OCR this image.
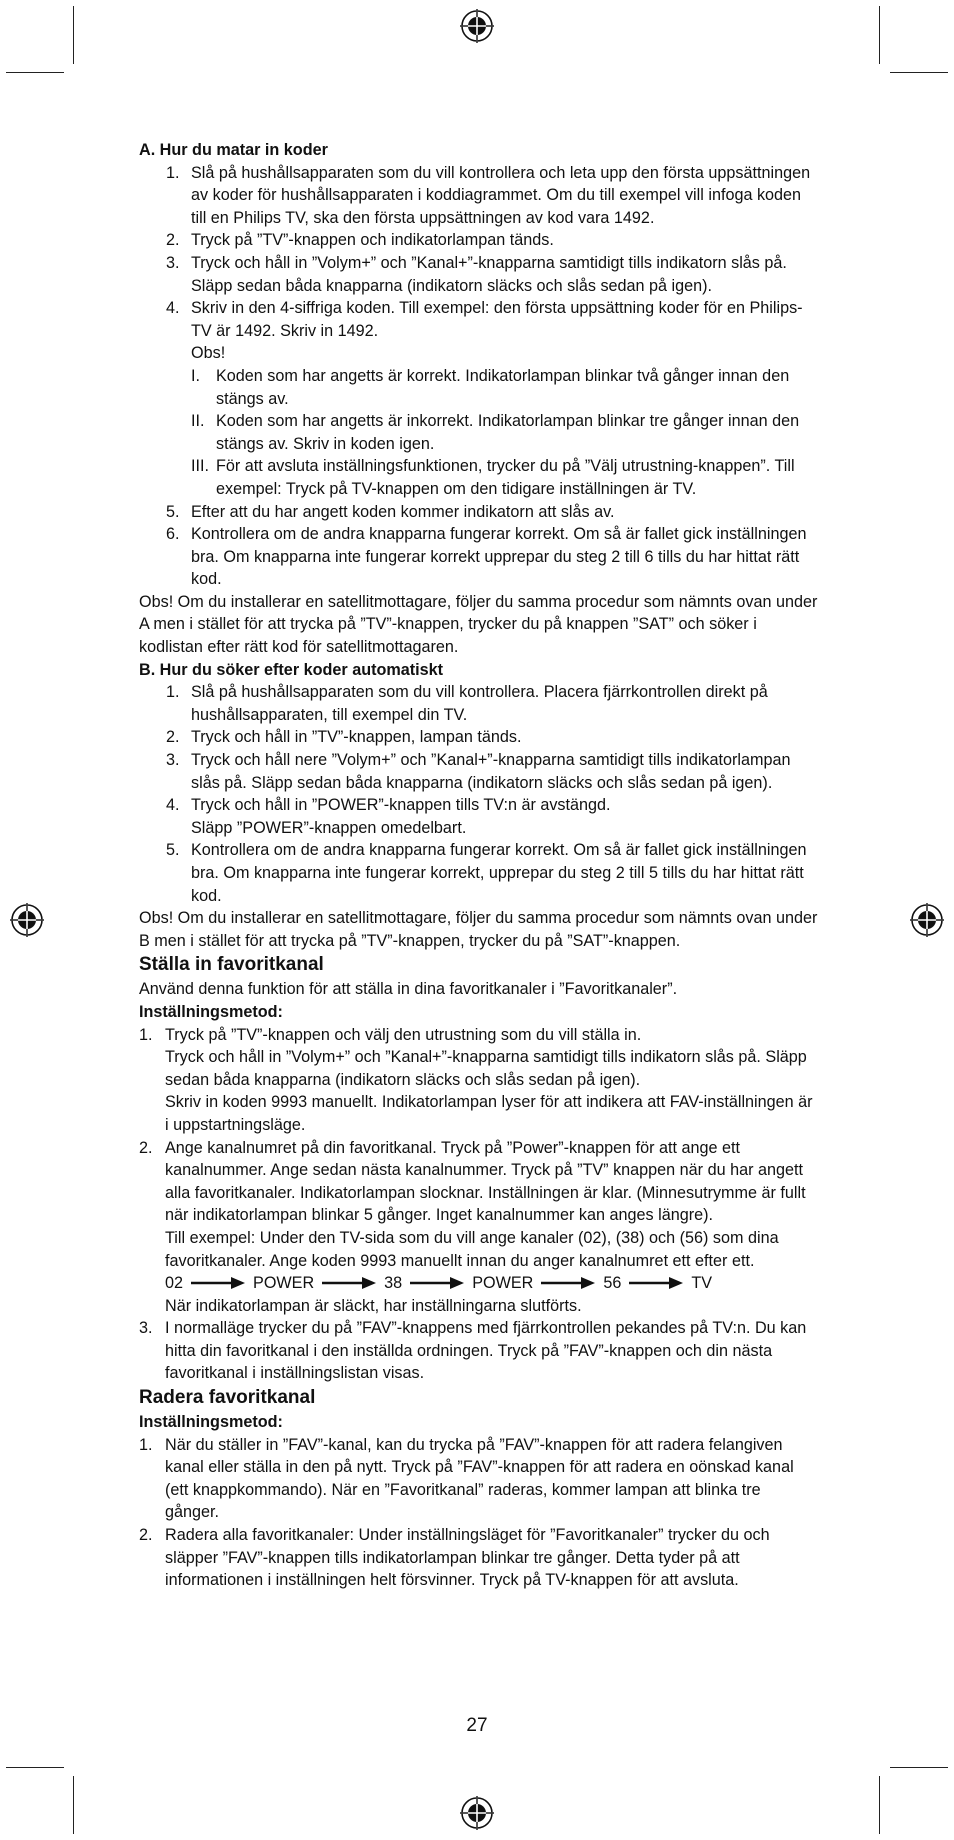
A. Hur du matar in koder

1. Slå på hushållsapparaten som du vill kontrollera och leta upp den första uppsättningen av koder för hushållsapparaten i koddiagrammet. Om du till exempel vill infoga koden till en Philips TV, ska den första uppsättningen av kod vara 1492.
2. Tryck på ”TV”-knappen och indikatorlampan tänds.
3. Tryck och håll in ”Volym+” och ”Kanal+”-knapparna samtidigt tills indikatorn slås på. Släpp sedan båda knapparna (indikatorn släcks och slås sedan på igen).
4. Skriv in den 4-siffriga koden. Till exempel: den första uppsättning koder för en Philips-TV är 1492. Skriv in 1492.

Obs!

I. Koden som har angetts är korrekt. Indikatorlampan blinkar två gånger innan den stängs av.
II. Koden som har angetts är inkorrekt. Indikatorlampan blinkar tre gånger innan den stängs av. Skriv in koden igen.
III. För att avsluta inställningsfunktionen, trycker du på ”Välj utrustning-knappen”. Till exempel: Tryck på TV-knappen om den tidigare inställningen är TV.
5. Efter att du har angett koden kommer indikatorn att slås av.
6. Kontrollera om de andra knapparna fungerar korrekt. Om så är fallet gick inställningen bra. Om knapparna inte fungerar korrekt upprepar du steg 2 till 6 tills du har hittat rätt kod.

Obs! Om du installerar en satellitmottagare, följer du samma procedur som nämnts ovan under A men i stället för att trycka på ”TV”-knappen, trycker du på knappen ”SAT” och söker i kodlistan efter rätt kod för satellitmottagaren.

B. Hur du söker efter koder automatiskt

1. Slå på hushållsapparaten som du vill kontrollera. Placera fjärrkontrollen direkt på hushållsapparaten, till exempel din TV.
2. Tryck och håll in ”TV”-knappen, lampan tänds.
3. Tryck och håll nere ”Volym+” och ”Kanal+”-knapparna samtidigt tills indikatorlampan slås på. Släpp sedan båda knapparna (indikatorn släcks och slås sedan på igen).
4. Tryck och håll in ”POWER”-knappen tills TV:n är avstängd.

Släpp ”POWER”-knappen omedelbart.

5. Kontrollera om de andra knapparna fungerar korrekt. Om så är fallet gick inställningen bra. Om knapparna inte fungerar korrekt, upprepar du steg 2 till 5 tills du har hittat rätt kod.

Obs! Om du installerar en satellitmottagare, följer du samma procedur som nämnts ovan under B men i stället för att trycka på ”TV”-knappen, trycker du på ”SAT”-knappen.

Ställa in favoritkanal

Använd denna funktion för att ställa in dina favoritkanaler i ”Favoritkanaler”.

Inställningsmetod:

1. Tryck på ”TV”-knappen och välj den utrustning som du vill ställa in.

Tryck och håll in ”Volym+” och ”Kanal+”-knapparna samtidigt tills indikatorn slås på. Släpp sedan båda knapparna (indikatorn släcks och slås sedan på igen).

Skriv in koden 9993 manuellt. Indikatorlampan lyser för att indikera att FAV-inställningen är i uppstartningsläge.

2. Ange kanalnumret på din favoritkanal. Tryck på ”Power”-knappen för att ange ett kanalnummer. Ange sedan nästa kanalnummer. Tryck på ”TV” knappen när du har angett alla favoritkanaler. Indikatorlampan slocknar. Inställningen är klar. (Minnesutrymme är fullt när indikatorlampan blinkar 5 gånger. Inget kanalnummer kan anges längre).

Till exempel: Under den TV-sida som du vill ange kanaler (02), (38) och (56) som dina favoritkanaler. Ange koden 9993 manuellt innan du anger kanalnumret ett efter ett.

02	POWER	38	POWER	56	TV

När indikatorlampan är släckt, har inställningarna slutförts.

3. I normalläge trycker du på ”FAV”-knappens med fjärrkontrollen pekandes på TV:n. Du kan hitta din favoritkanal i den inställda ordningen. Tryck på ”FAV”-knappen och din nästa favoritkanal i inställningslistan visas.

Radera favoritkanal

Inställningsmetod:

1. När du ställer in ”FAV”-kanal, kan du trycka på ”FAV”-knappen för att radera felangiven kanal eller ställa in den på nytt. Tryck på ”FAV”-knappen för att radera en oönskad kanal (ett knappkommando). När en ”Favoritkanal” raderas, kommer lampan att blinka tre gånger.
2. Radera alla favoritkanaler: Under inställningsläget för ”Favoritkanaler” trycker du och släpper ”FAV”-knappen tills indikatorlampan blinkar tre gånger. Detta tyder på att informationen i inställningen helt försvinner. Tryck på TV-knappen för att avsluta.
27
